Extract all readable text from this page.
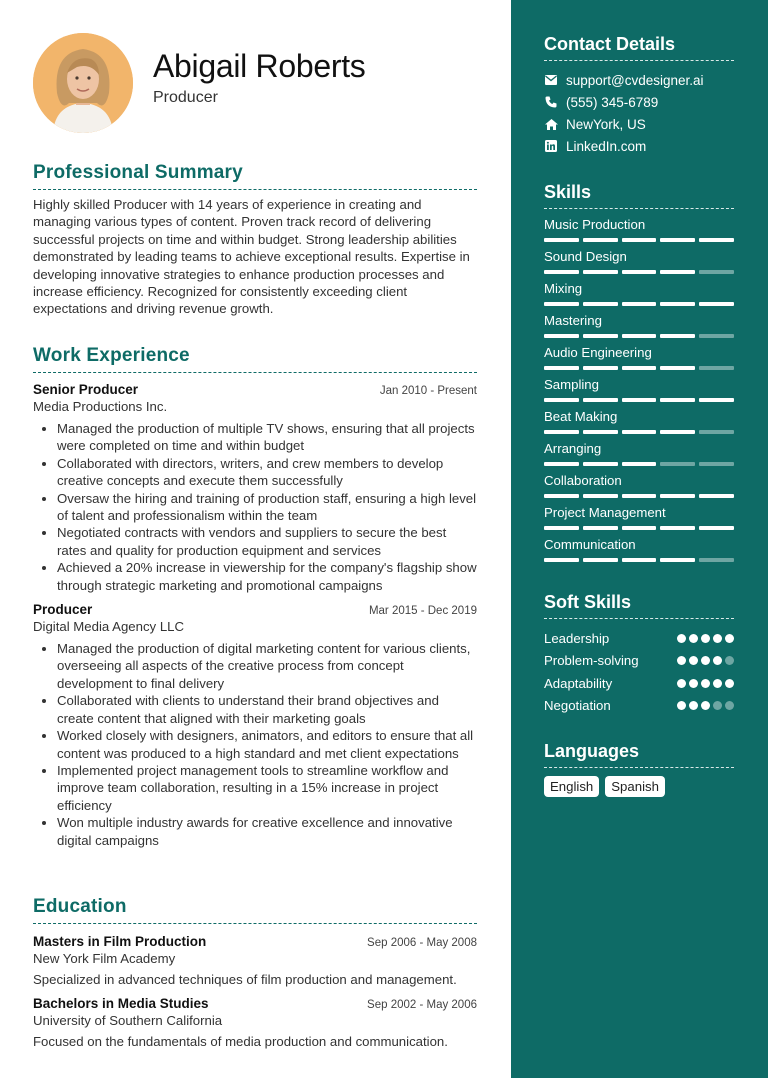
Abigail Roberts
Producer
Professional Summary
Highly skilled Producer with 14 years of experience in creating and managing various types of content. Proven track record of delivering successful projects on time and within budget. Strong leadership abilities demonstrated by leading teams to achieve exceptional results. Expertise in developing innovative strategies to enhance production processes and increase efficiency. Recognized for consistently exceeding client expectations and driving revenue growth.
Work Experience
Senior Producer	Jan 2010 - Present
Media Productions Inc.
• Managed the production of multiple TV shows, ensuring that all projects were completed on time and within budget
• Collaborated with directors, writers, and crew members to develop creative concepts and execute them successfully
• Oversaw the hiring and training of production staff, ensuring a high level of talent and professionalism within the team
• Negotiated contracts with vendors and suppliers to secure the best rates and quality for production equipment and services
• Achieved a 20% increase in viewership for the company's flagship show through strategic marketing and promotional campaigns
Producer	Mar 2015 - Dec 2019
Digital Media Agency LLC
• Managed the production of digital marketing content for various clients, overseeing all aspects of the creative process from concept development to final delivery
• Collaborated with clients to understand their brand objectives and create content that aligned with their marketing goals
• Worked closely with designers, animators, and editors to ensure that all content was produced to a high standard and met client expectations
• Implemented project management tools to streamline workflow and improve team collaboration, resulting in a 15% increase in project efficiency
• Won multiple industry awards for creative excellence and innovative digital campaigns
Education
Masters in Film Production	Sep 2006 - May 2008
New York Film Academy
Specialized in advanced techniques of film production and management.
Bachelors in Media Studies	Sep 2002 - May 2006
University of Southern California
Focused on the fundamentals of media production and communication.
Contact Details
support@cvdesigner.ai
(555) 345-6789
NewYork, US
LinkedIn.com
Skills
Music Production
Sound Design
Mixing
Mastering
Audio Engineering
Sampling
Beat Making
Arranging
Collaboration
Project Management
Communication
Soft Skills
Leadership
Problem-solving
Adaptability
Negotiation
Languages
English	Spanish
